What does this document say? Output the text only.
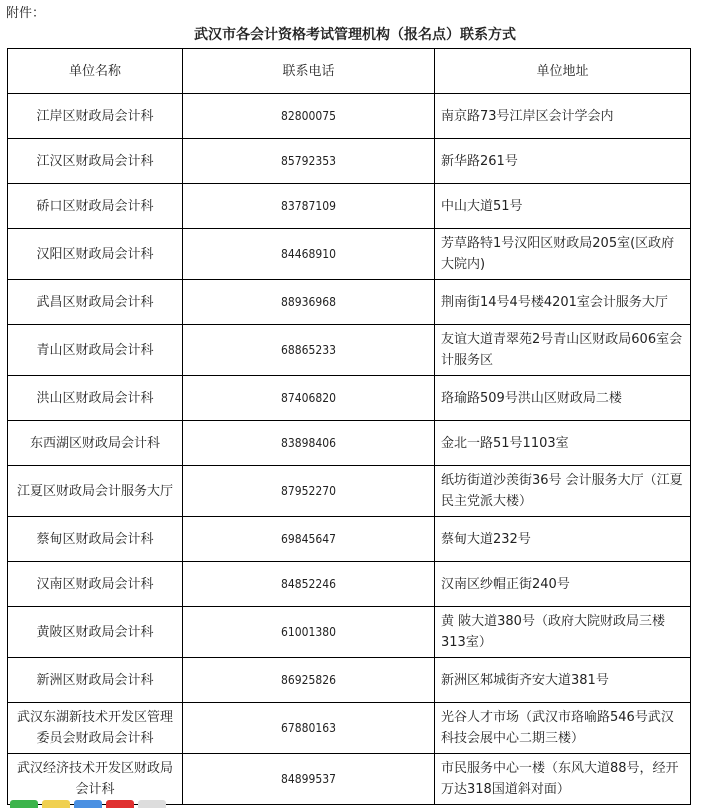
附件：
武汉市各会计资格考试管理机构（报名点）联系方式
单位名称	联系电话	单位地址
江岸区财政局会计科	82800075	南京路73号江岸区会计学会内
江汉区财政局会计科	85792353	新华路261号
硚口区财政局会计科	83787109	中山大道51号
汉阳区财政局会计科	84468910	芳草路特1号汉阳区财政局205室(区政府大院内)
武昌区财政局会计科	88936968	荆南街14号4号楼4201室会计服务大厅
青山区财政局会计科	68865233	友谊大道青翠苑2号青山区财政局606室会计服务区
洪山区财政局会计科	87406820	珞瑜路509号洪山区财政局二楼
东西湖区财政局会计科	83898406	金北一路51号1103室
江夏区财政局会计服务大厅	87952270	纸坊街道沙羡街36号 会计服务大厅（江夏民主党派大楼）
蔡甸区财政局会计科	69845647	蔡甸大道232号
汉南区财政局会计科	84852246	汉南区纱帽正街240号
黄陂区财政局会计科	61001380	黄 陂大道380号（政府大院财政局三楼313室）
新洲区财政局会计科	86925826	新洲区邾城街齐安大道381号
武汉东湖新技术开发区管理委员会财政局会计科	67880163	光谷人才市场（武汉市珞喻路546号武汉科技会展中心二期三楼）
武汉经济技术开发区财政局会计科	84899537	市民服务中心一楼（东风大道88号，经开万达318国道斜对面）
